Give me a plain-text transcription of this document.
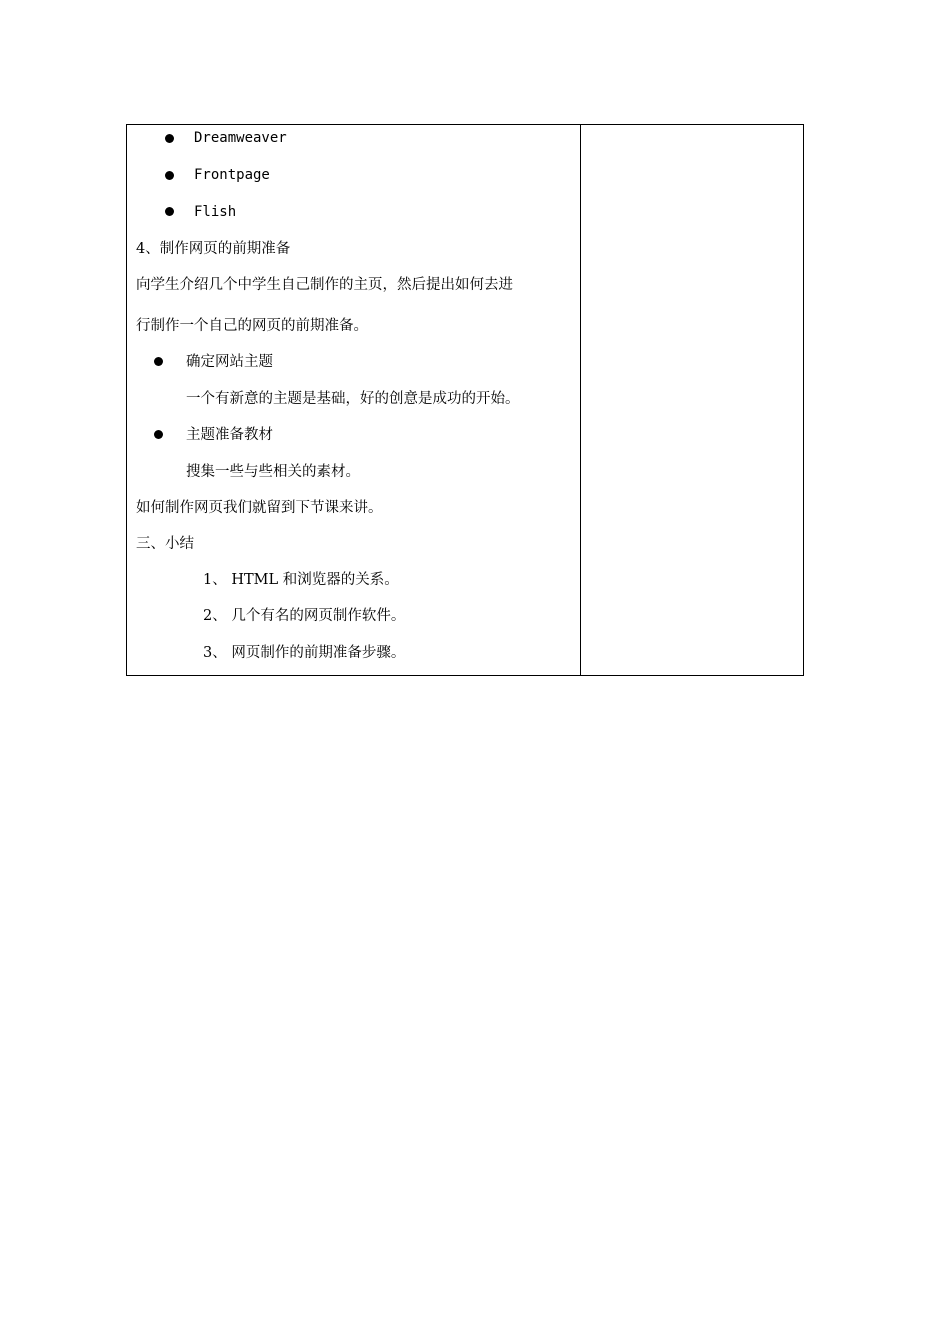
Dreamweaver
Frontpage
Flish
4、制作网页的前期准备
向学生介绍几个中学生自己制作的主页，然后提出如何去进
行制作一个自己的网页的前期准备。
确定网站主题
一个有新意的主题是基础，好的创意是成功的开始。
主题准备教材
搜集一些与些相关的素材。
如何制作网页我们就留到下节课来讲。
三、小结
1、 HTML 和浏览器的关系。
2、 几个有名的网页制作软件。
3、 网页制作的前期准备步骤。
